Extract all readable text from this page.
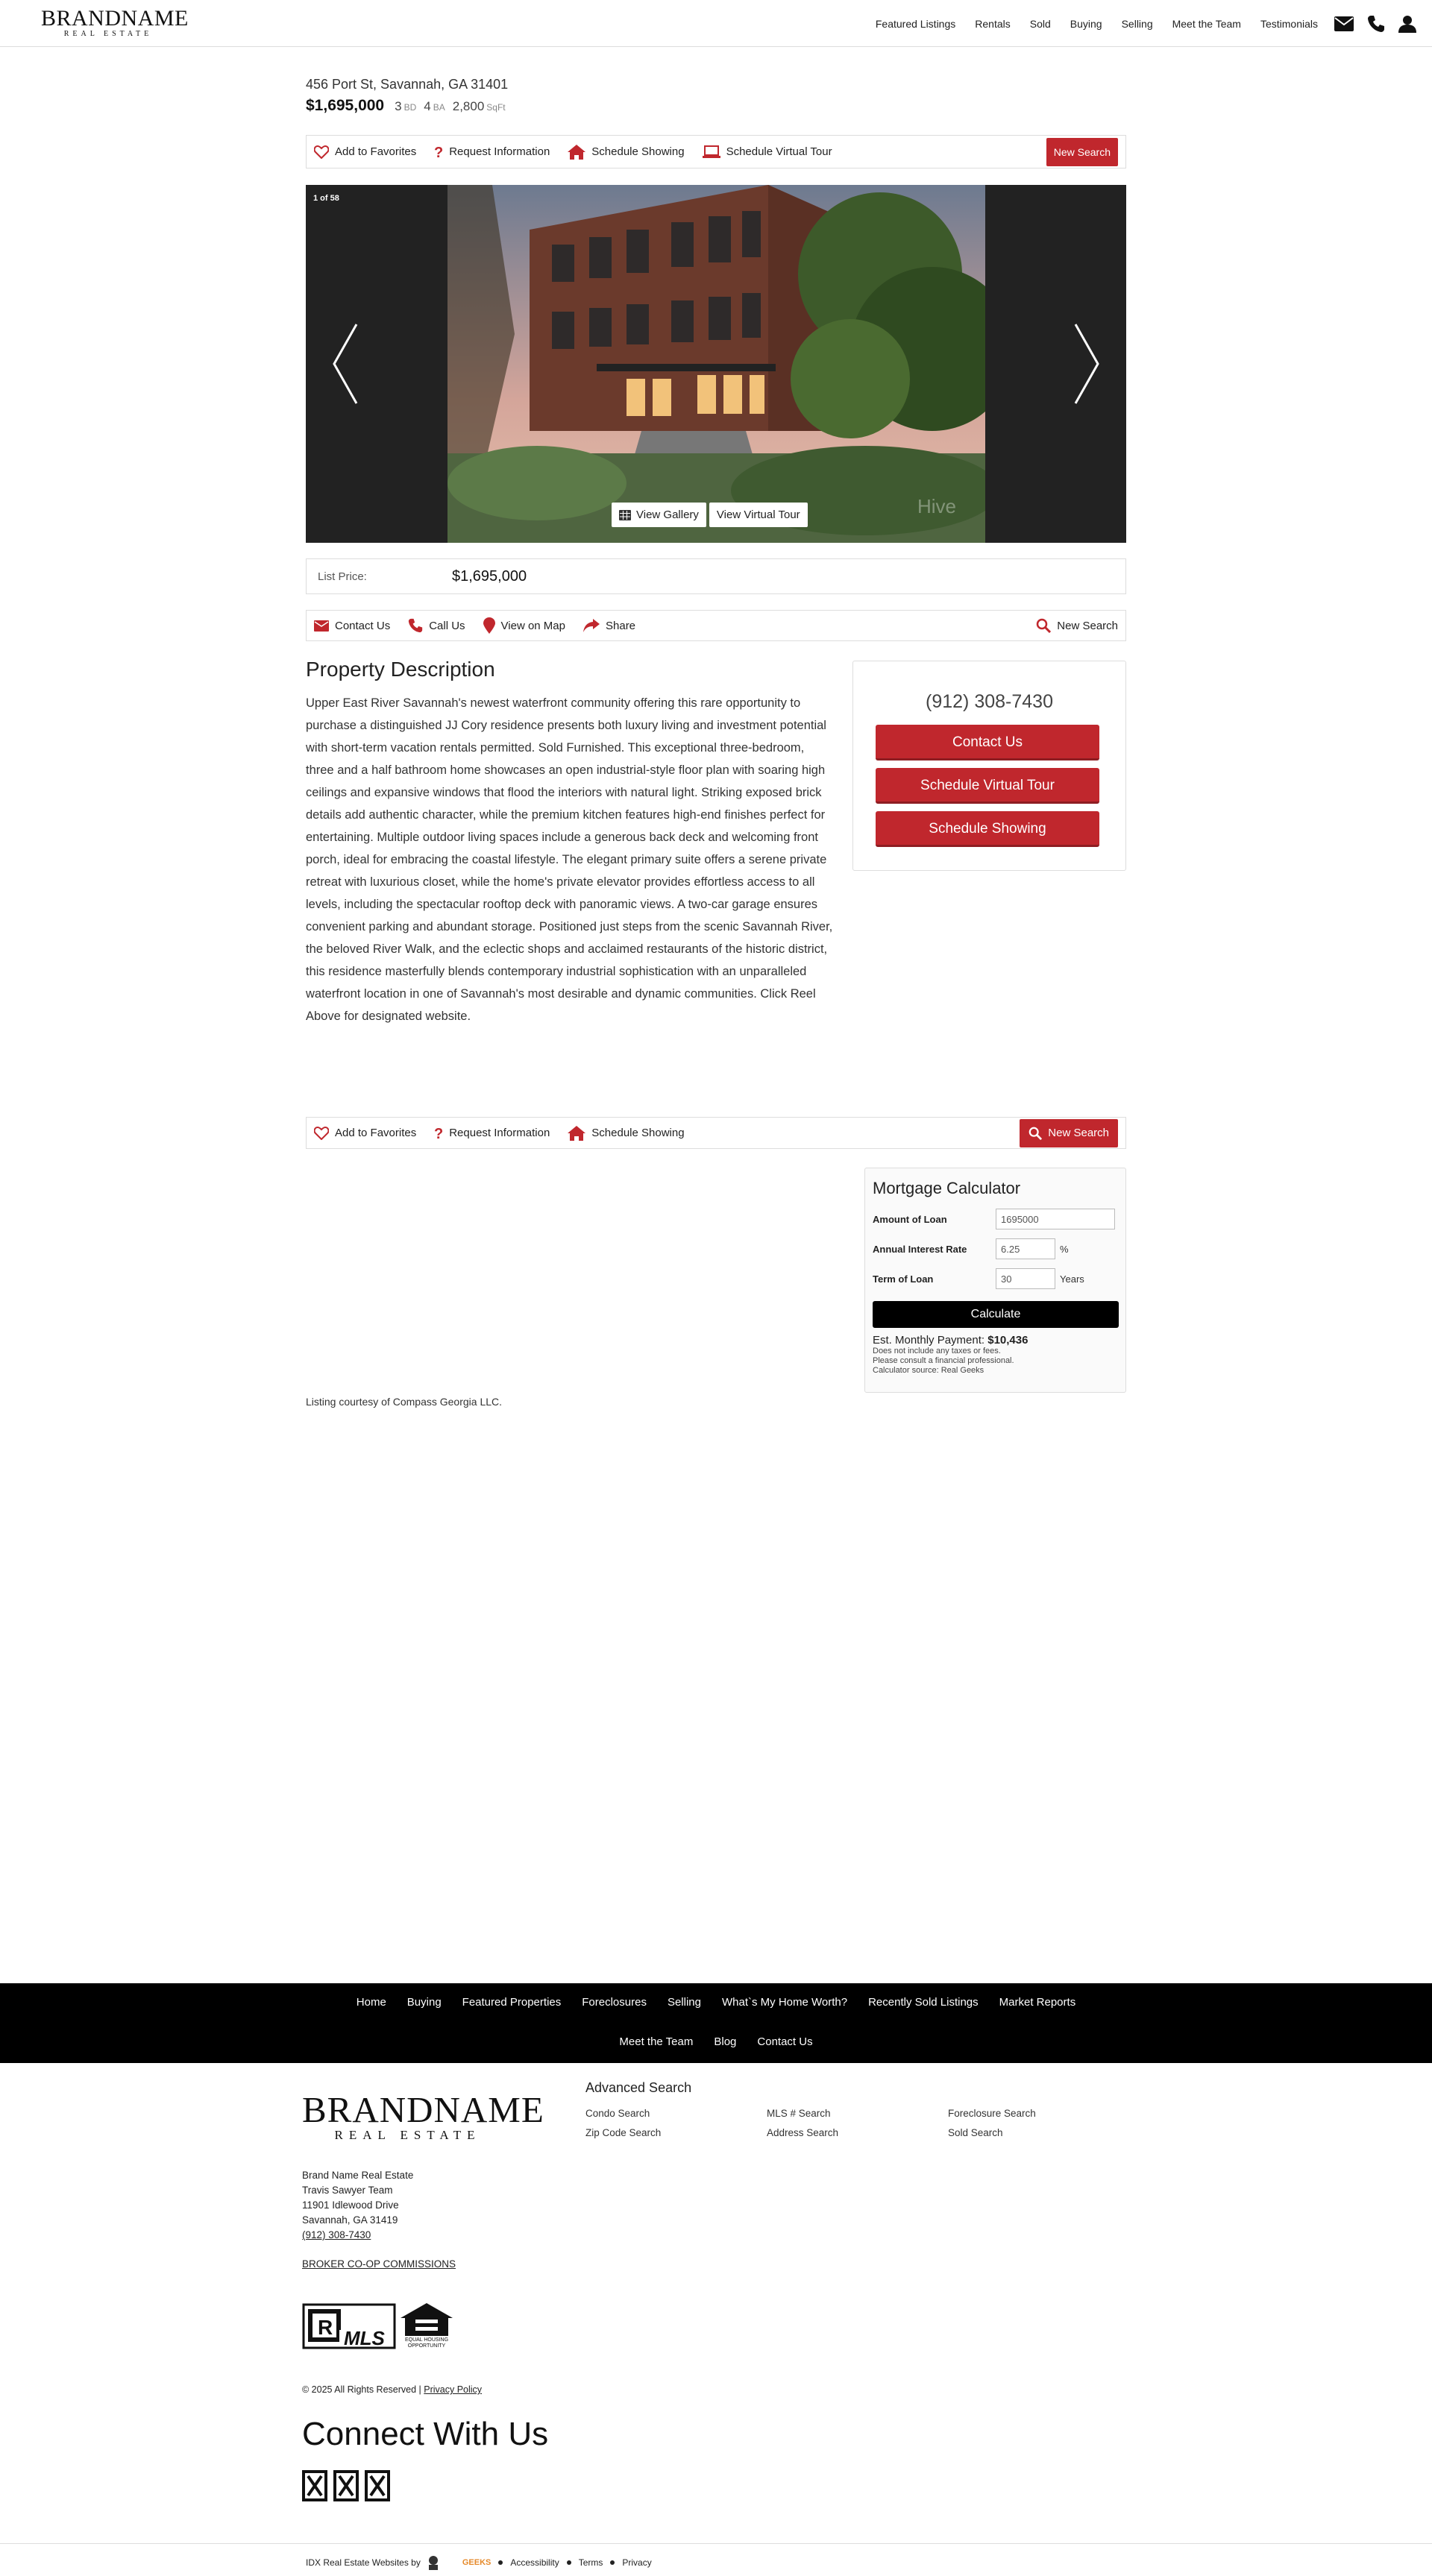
BRANDNAME
REAL ESTATE
Featured Listings Rentals Sold Buying Selling Meet the Team Testimonials
456 Port St, Savannah, GA 31401
$1,695,000 3 BD 4 BA 2,800 SqFt
Add to Favorites ? Request Information	Schedule Showing	Schedule Virtual Tour	New Search
1 of 58
Hive
View Gallery	View Virtual Tour
List Price:	$1,695,000
Contact Us	Call Us	View on Map	Share	New Search
Property Description

Upper East River Savannah's newest waterfront community offering this rare opportunity to purchase a distinguished JJ Cory residence presents both luxury living and investment potential with short-term vacation rentals permitted. Sold Furnished. This exceptional three-bedroom, three and a half bathroom home showcases an open industrial-style floor plan with soaring high ceilings and expansive windows that flood the interiors with natural light. Striking exposed brick details add authentic character, while the premium kitchen features high-end finishes perfect for entertaining. Multiple outdoor living spaces include a generous back deck and welcoming front porch, ideal for embracing the coastal lifestyle. The elegant primary suite offers a serene private retreat with luxurious closet, while the home's private elevator provides effortless access to all levels, including the spectacular rooftop deck with panoramic views. A two-car garage ensures convenient parking and abundant storage. Positioned just steps from the scenic Savannah River, the beloved River Walk, and the eclectic shops and acclaimed restaurants of the historic district, this residence masterfully blends contemporary industrial sophistication with an unparalleled waterfront location in one of Savannah's most desirable and dynamic communities. Click Reel Above for designated website.

(912) 308-7430
Contact Us
Schedule Virtual Tour
Schedule Showing
Add to Favorites ? Request Information	Schedule Showing	New Search
Mortgage Calculator
Amount of Loan
1695000
Annual Interest Rate
6.25	%
Term of Loan
30	Years
Calculate
Est. Monthly Payment: $10,436
Does not include any taxes or fees.
Please consult a financial professional.
Calculator source: Real Geeks
Listing courtesy of Compass Georgia LLC.
Home Buying Featured Properties Foreclosures Selling What`s My Home Worth? Recently Sold Listings Market Reports
Meet the Team Blog Contact Us
BRANDNAME
REAL ESTATE
Advanced Search
Condo Search	MLS # Search	Foreclosure Search
Zip Code Search	Address Search	Sold Search
Brand Name Real Estate
Travis Sawyer Team
11901 Idlewood Drive
Savannah, GA 31419
(912) 308-7430
BROKER CO-OP COMMISSIONS
R MLS	EQUAL HOUSING OPPORTUNITY
© 2025 All Rights Reserved | Privacy Policy
Connect With Us
IDX Real Estate Websites by	GEEKS Accessibility Terms Privacy
